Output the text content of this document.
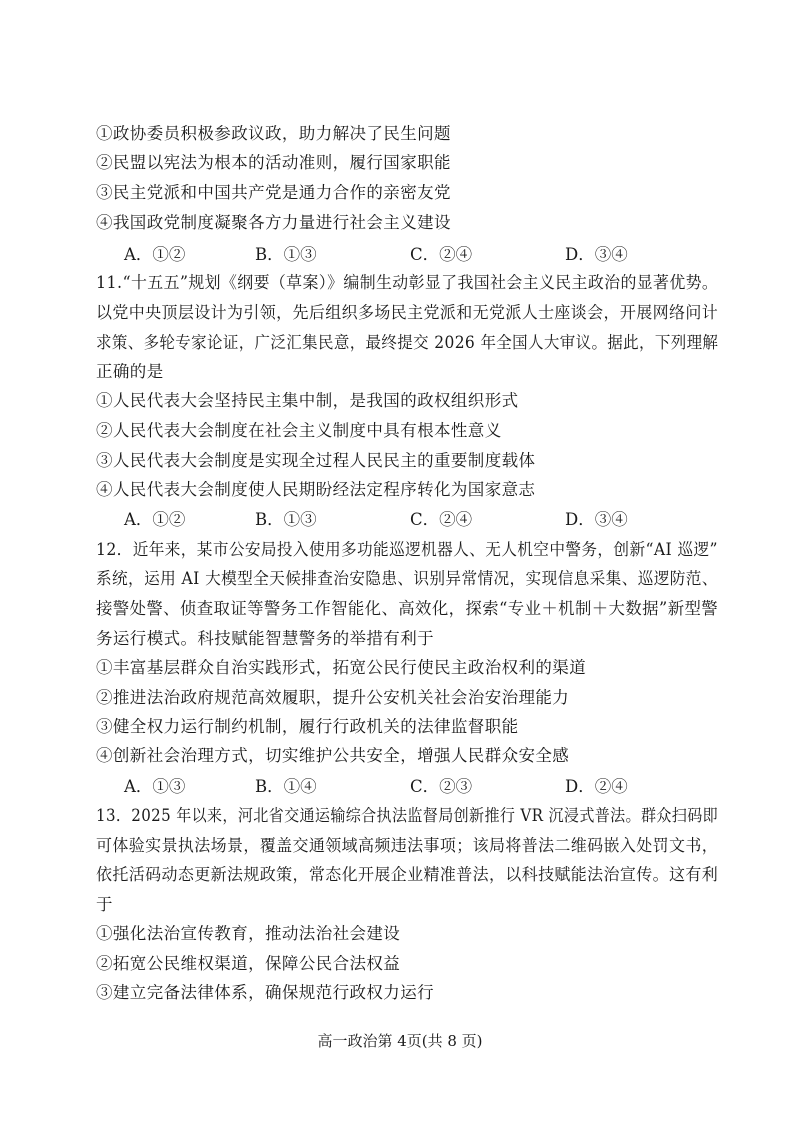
①政协委员积极参政议政，助力解决了民生问题
②民盟以宪法为根本的活动准则，履行国家职能
③民主党派和中国共产党是通力合作的亲密友党
④我国政党制度凝聚各方力量进行社会主义建设
A．①②	B．①③	C．②④	D．③④
11.“十五五”规划《纲要（草案）》编制生动彰显了我国社会主义民主政治的显著优势。
以党中央顶层设计为引领，先后组织多场民主党派和无党派人士座谈会，开展网络问计
求策、多轮专家论证，广泛汇集民意，最终提交 2026 年全国人大审议。据此，下列理解
正确的是
①人民代表大会坚持民主集中制，是我国的政权组织形式
②人民代表大会制度在社会主义制度中具有根本性意义
③人民代表大会制度是实现全过程人民民主的重要制度载体
④人民代表大会制度使人民期盼经法定程序转化为国家意志
A．①②	B．①③	C．②④	D．③④
12．近年来，某市公安局投入使用多功能巡逻机器人、无人机空中警务，创新“AI 巡逻”
系统，运用 AI 大模型全天候排查治安隐患、识别异常情况，实现信息采集、巡逻防范、
接警处警、侦查取证等警务工作智能化、高效化，探索“专业＋机制＋大数据”新型警
务运行模式。科技赋能智慧警务的举措有利于
①丰富基层群众自治实践形式，拓宽公民行使民主政治权利的渠道
②推进法治政府规范高效履职，提升公安机关社会治安治理能力
③健全权力运行制约机制，履行行政机关的法律监督职能
④创新社会治理方式，切实维护公共安全，增强人民群众安全感
A．①③	B．①④	C．②③	D．②④
13．2025 年以来，河北省交通运输综合执法监督局创新推行 VR 沉浸式普法。群众扫码即
可体验实景执法场景，覆盖交通领域高频违法事项；该局将普法二维码嵌入处罚文书，
依托活码动态更新法规政策，常态化开展企业精准普法，以科技赋能法治宣传。这有利
于
①强化法治宣传教育，推动法治社会建设
②拓宽公民维权渠道，保障公民合法权益
③建立完备法律体系，确保规范行政权力运行
高一政治第 4页(共 8 页)
